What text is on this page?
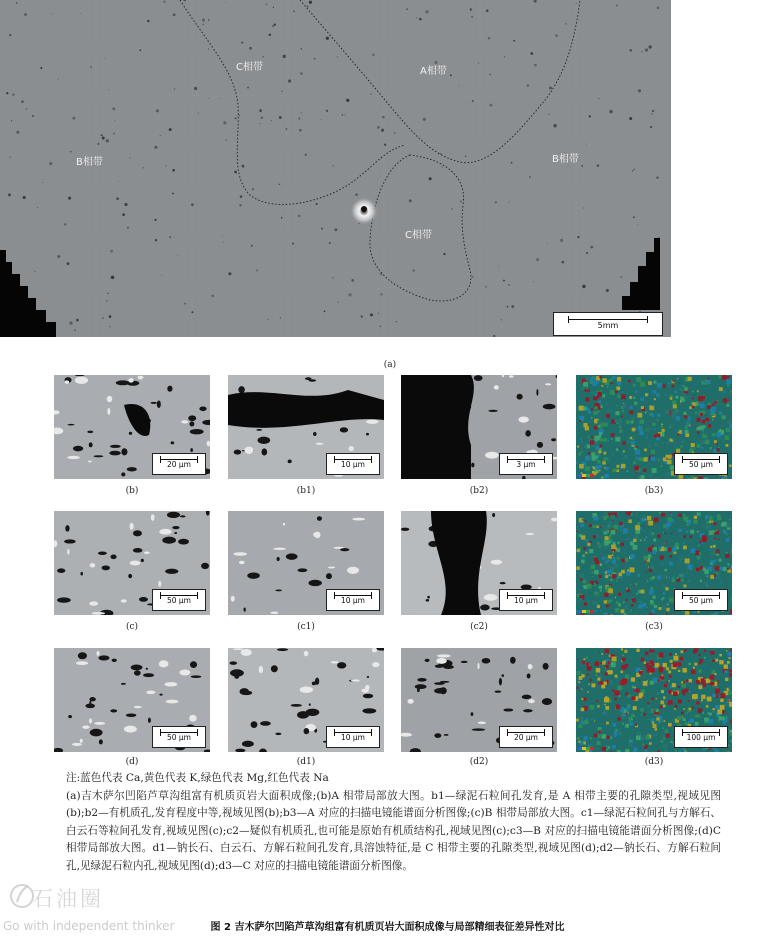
C相带	A相带
B相带	B相带
C相带
5mm
(a)
20 μm
(b)
10 μm
(b1)
3 μm
(b2)
50 μm
(b3)
50 μm
(c)
10 μm
(c1)
10 μm
(c2)
50 μm
(c3)
50 μm
(d)
10 μm
(d1)
20 μm
(d2)
100 μm
(d3)

注:蓝色代表 Ca,黄色代表 K,绿色代表 Mg,红色代表 Na

(a)吉木萨尔凹陷芦草沟组富有机质页岩大面积成像;(b)A 相带局部放大图。b1—绿泥石粒间孔发育,是 A 相带主要的孔隙类型,视域见图(b);b2—有机质孔,发育程度中等,视域见图(b);b3—A 对应的扫描电镜能谱面分析图像;(c)B 相带局部放大图。c1—绿泥石粒间孔与方解石、白云石等粒间孔发育,视域见图(c);c2—疑似有机质孔,也可能是原始有机质结构孔,视域见图(c);c3—B 对应的扫描电镜能谱面分析图像;(d)C 相带局部放大图。d1—钠长石、白云石、方解石粒间孔发育,具溶蚀特征,是 C 相带主要的孔隙类型,视域见图(d);d2—钠长石、方解石粒间孔,见绿泥石粒内孔,视域见图(d);d3—C 对应的扫描电镜能谱面分析图像。

石油圈
Go with independent thinker	图 2 吉木萨尔凹陷芦草沟组富有机质页岩大面积成像与局部精细表征差异性对比
